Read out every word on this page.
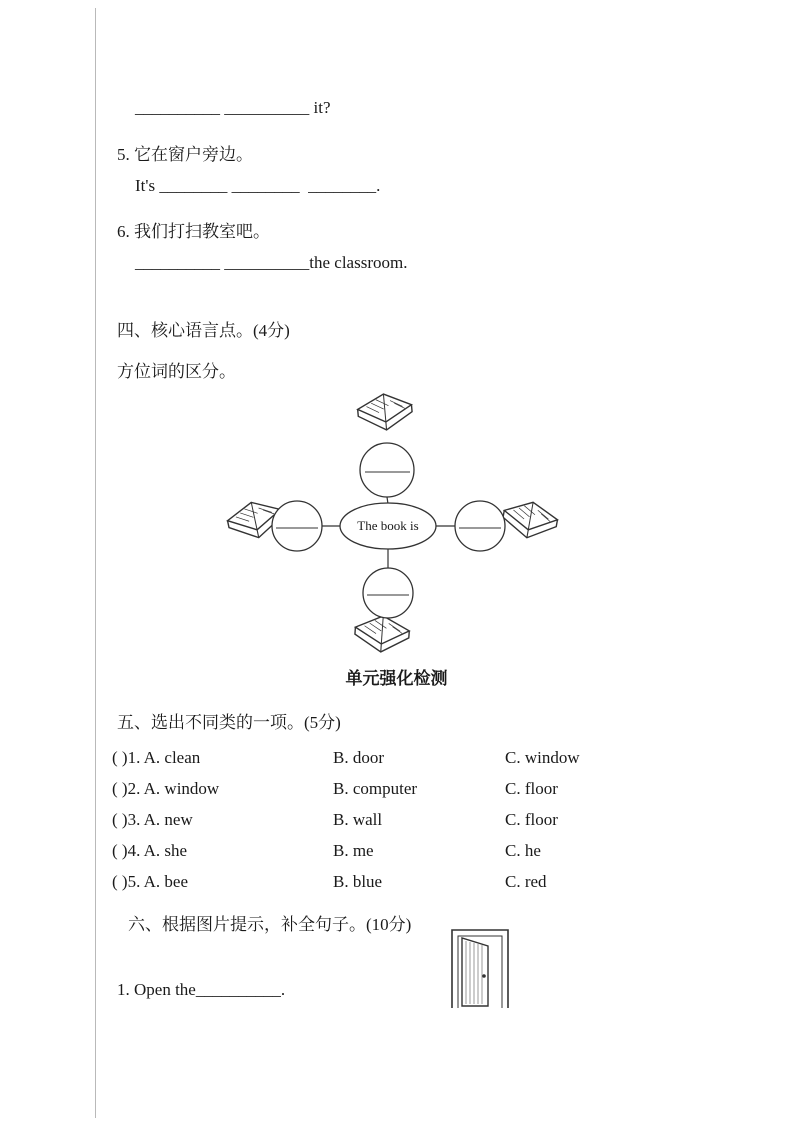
__________ __________ it?
5. 它在窗户旁边。
It's ________ ________  ________.
6. 我们打扫教室吧。
__________ __________the classroom.
四、核心语言点。(4分)
方位词的区分。
The book is
单元强化检测
五、选出不同类的一项。(5分)
( )1. A. clean	B. door	C. window
( )2. A. window	B. computer	C. floor
( )3. A. new	B. wall	C. floor
( )4. A. she	B. me	C. he
( )5. A. bee	B. blue	C. red
六、根据图片提示，补全句子。(10分)
1. Open the__________.
